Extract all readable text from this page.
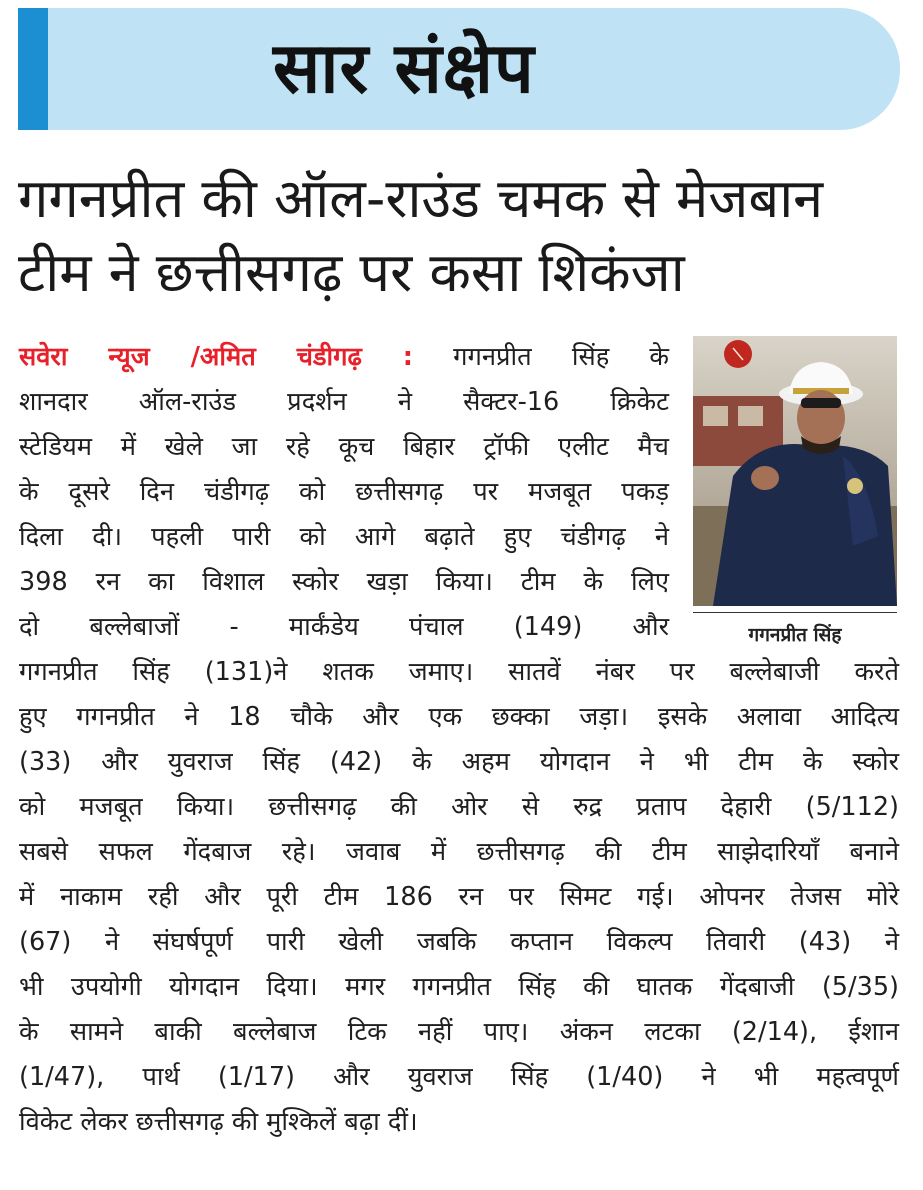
सार संक्षेप
गगनप्रीत की ऑल-राउंड चमक से मेजबान
टीम ने छत्तीसगढ़ पर कसा शिकंजा
गगनप्रीत सिंह
सवेरा न्यूज /अमित चंडीगढ़ : गगनप्रीत सिंह के
शानदार ऑल-राउंड प्रदर्शन ने सैक्टर-16 क्रिकेट
स्टेडियम में खेले जा रहे कूच बिहार ट्रॉफी एलीट मैच
के दूसरे दिन चंडीगढ़ को छत्तीसगढ़ पर मजबूत पकड़
दिला दी। पहली पारी को आगे बढ़ाते हुए चंडीगढ़ ने
398 रन का विशाल स्कोर खड़ा किया। टीम के लिए
दो बल्लेबाजों - मार्कंडेय पंचाल (149) और
गगनप्रीत सिंह (131)ने शतक जमाए। सातवें नंबर पर बल्लेबाजी करते
हुए गगनप्रीत ने 18 चौके और एक छक्का जड़ा। इसके अलावा आदित्य
(33) और युवराज सिंह (42) के अहम योगदान ने भी टीम के स्कोर
को मजबूत किया। छत्तीसगढ़ की ओर से रुद्र प्रताप देहारी (5/112)
सबसे सफल गेंदबाज रहे। जवाब में छत्तीसगढ़ की टीम साझेदारियाँ बनाने
में नाकाम रही और पूरी टीम 186 रन पर सिमट गई। ओपनर तेजस मोरे
(67) ने संघर्षपूर्ण पारी खेली जबकि कप्तान विकल्प तिवारी (43) ने
भी उपयोगी योगदान दिया। मगर गगनप्रीत सिंह की घातक गेंदबाजी (5/35)
के सामने बाकी बल्लेबाज टिक नहीं पाए। अंकन लटका (2/14), ईशान
(1/47), पार्थ (1/17) और युवराज सिंह (1/40) ने भी महत्वपूर्ण
विकेट लेकर छत्तीसगढ़ की मुश्किलें बढ़ा दीं।
